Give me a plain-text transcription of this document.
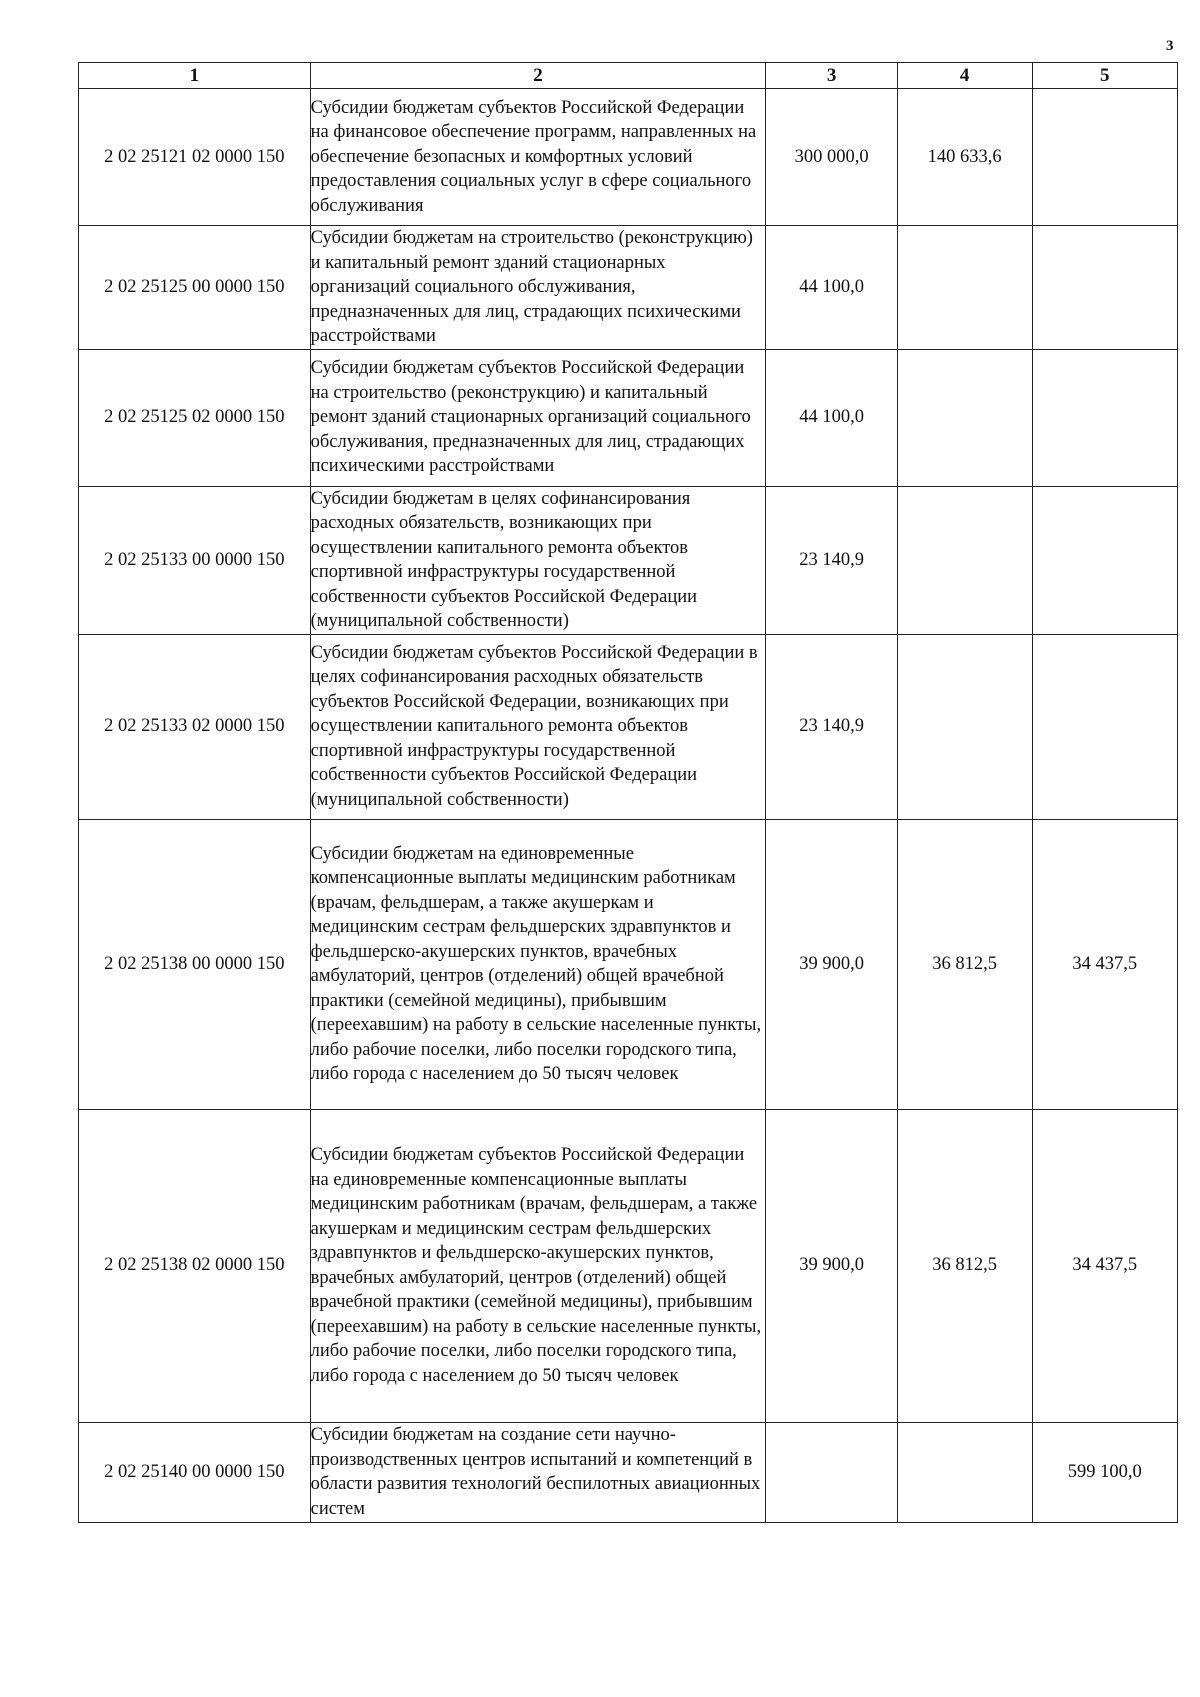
3
1	2	3	4	5
2 02 25121 02 0000 150	Субсидии бюджетам субъектов Российской Федерации на финансовое обеспечение программ, направленных на обеспечение безопасных и комфортных условий предоставления социальных услуг в сфере социального обслуживания	300 000,0	140 633,6	
2 02 25125 00 0000 150	Субсидии бюджетам на строительство (реконструкцию) и капитальный ремонт зданий стационарных организаций социального обслуживания, предназначенных для лиц, страдающих психическими расстройствами	44 100,0		
2 02 25125 02 0000 150	Субсидии бюджетам субъектов Российской Федерации на строительство (реконструкцию) и капитальный ремонт зданий стационарных организаций социального обслуживания, предназначенных для лиц, страдающих психическими расстройствами	44 100,0		
2 02 25133 00 0000 150	Субсидии бюджетам в целях софинансирования расходных обязательств, возникающих при осуществлении капитального ремонта объектов спортивной инфраструктуры государственной собственности субъектов Российской Федерации (муниципальной собственности)	23 140,9		
2 02 25133 02 0000 150	Субсидии бюджетам субъектов Российской Федерации в целях софинансирования расходных обязательств субъектов Российской Федерации, возникающих при осуществлении капитального ремонта объектов спортивной инфраструктуры государственной собственности субъектов Российской Федерации (муниципальной собственности)	23 140,9		
2 02 25138 00 0000 150	Субсидии бюджетам на единовременные компенсационные выплаты медицинским работникам (врачам, фельдшерам, а также акушеркам и медицинским сестрам фельдшерских здравпунктов и фельдшерско-акушерских пунктов, врачебных амбулаторий, центров (отделений) общей врачебной практики (семейной медицины), прибывшим (переехавшим) на работу в сельские населенные пункты, либо рабочие поселки, либо поселки городского типа, либо города с населением до 50 тысяч человек	39 900,0	36 812,5	34 437,5
2 02 25138 02 0000 150	Субсидии бюджетам субъектов Российской Федерации на единовременные компенсационные выплаты медицинским работникам (врачам, фельдшерам, а также акушеркам и медицинским сестрам фельдшерских здравпунктов и фельдшерско-акушерских пунктов, врачебных амбулаторий, центров (отделений) общей врачебной практики (семейной медицины), прибывшим (переехавшим) на работу в сельские населенные пункты, либо рабочие поселки, либо поселки городского типа, либо города с населением до 50 тысяч человек	39 900,0	36 812,5	34 437,5
2 02 25140 00 0000 150	Субсидии бюджетам на создание сети научно-производственных центров испытаний и компетенций в области развития технологий беспилотных авиационных систем			599 100,0
